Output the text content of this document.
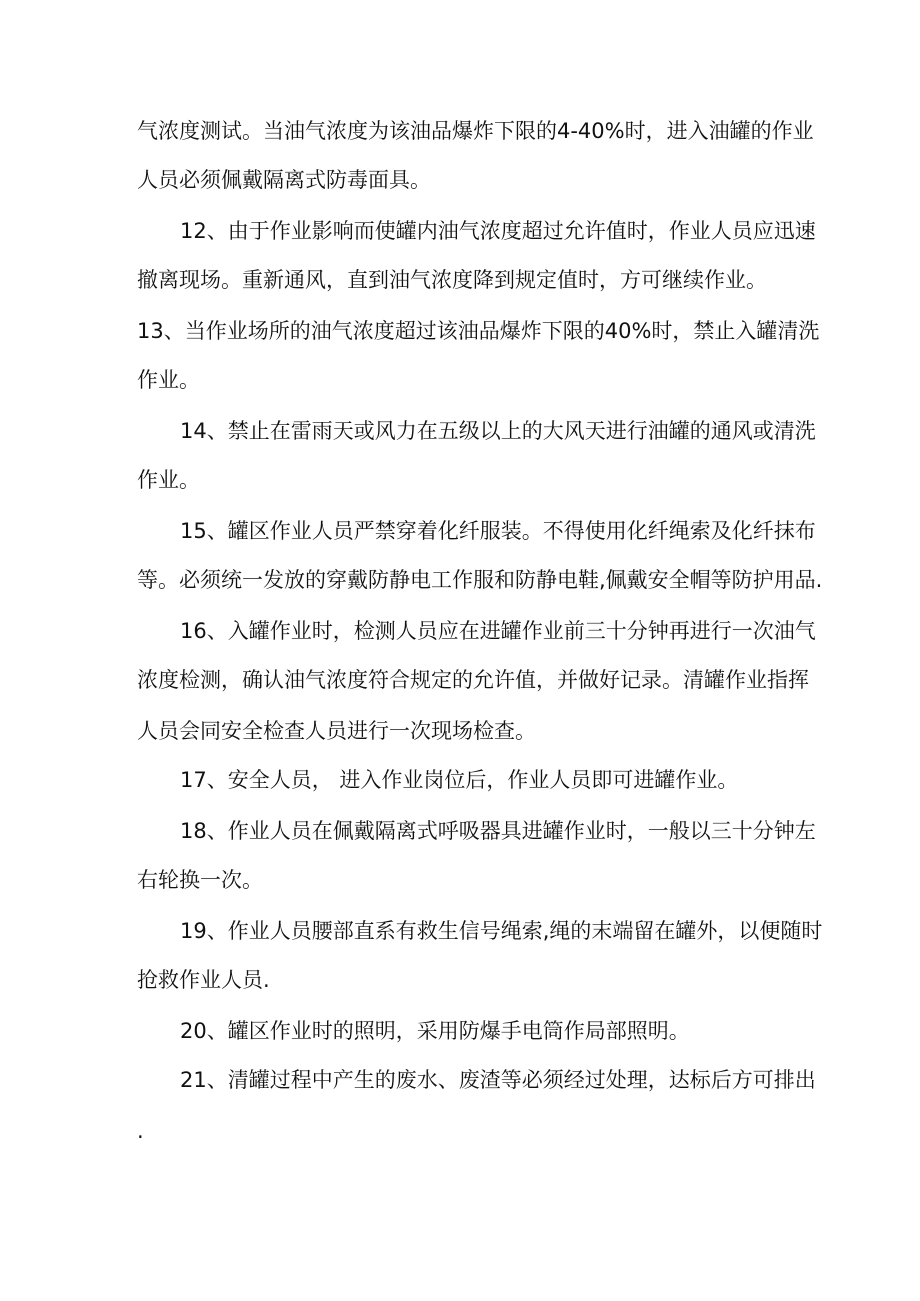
气浓度测试。当油气浓度为该油品爆炸下限的4-40%时，进入油罐的作业
人员必须佩戴隔离式防毒面具。
12、由于作业影响而使罐内油气浓度超过允许值时，作业人员应迅速
撤离现场。重新通风，直到油气浓度降到规定值时，方可继续作业。
13、当作业场所的油气浓度超过该油品爆炸下限的40%时，禁止入罐清洗
作业。
14、禁止在雷雨天或风力在五级以上的大风天进行油罐的通风或清洗
作业。
15、罐区作业人员严禁穿着化纤服装。不得使用化纤绳索及化纤抹布
等。必须统一发放的穿戴防静电工作服和防静电鞋,佩戴安全帽等防护用品.
16、入罐作业时，检测人员应在进罐作业前三十分钟再进行一次油气
浓度检测，确认油气浓度符合规定的允许值，并做好记录。清罐作业指挥
人员会同安全检查人员进行一次现场检查。
17、安全人员， 进入作业岗位后，作业人员即可进罐作业。
18、作业人员在佩戴隔离式呼吸器具进罐作业时，一般以三十分钟左
右轮换一次。
19、作业人员腰部直系有救生信号绳索,绳的末端留在罐外，以便随时
抢救作业人员.
20、罐区作业时的照明，采用防爆手电筒作局部照明。
21、清罐过程中产生的废水、废渣等必须经过处理，达标后方可排出
.
